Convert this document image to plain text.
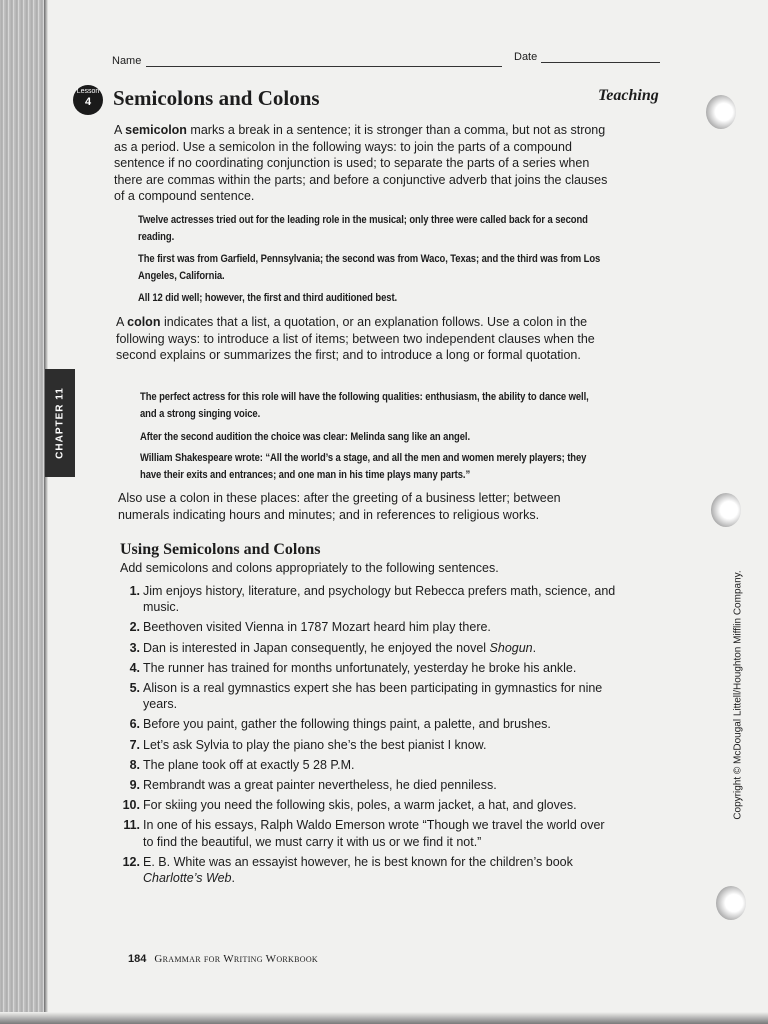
Name	Date
Lesson
4	Semicolons and Colons	Teaching
A semicolon marks a break in a sentence; it is stronger than a comma, but not as strong as a period. Use a semicolon in the following ways: to join the parts of a compound sentence if no coordinating conjunction is used; to separate the parts of a series when there are commas within the parts; and before a conjunctive adverb that joins the clauses of a compound sentence.
Twelve actresses tried out for the leading role in the musical; only three were called back for a second reading.
The first was from Garfield, Pennsylvania; the second was from Waco, Texas; and the third was from Los Angeles, California.
All 12 did well; however, the first and third auditioned best.
A colon indicates that a list, a quotation, or an explanation follows. Use a colon in the following ways: to introduce a list of items; between two independent clauses when the second explains or summarizes the first; and to introduce a long or formal quotation.
The perfect actress for this role will have the following qualities: enthusiasm, the ability to dance well, and a strong singing voice.
After the second audition the choice was clear: Melinda sang like an angel.
William Shakespeare wrote: “All the world’s a stage, and all the men and women merely players; they have their exits and entrances; and one man in his time plays many parts.”
Also use a colon in these places: after the greeting of a business letter; between numerals indicating hours and minutes; and in references to religious works.
Using Semicolons and Colons
Add semicolons and colons appropriately to the following sentences.
1. Jim enjoys history, literature, and psychology but Rebecca prefers math, science, and music.
2. Beethoven visited Vienna in 1787 Mozart heard him play there.
3. Dan is interested in Japan consequently, he enjoyed the novel Shogun.
4. The runner has trained for months unfortunately, yesterday he broke his ankle.
5. Alison is a real gymnastics expert she has been participating in gymnastics for nine years.
6. Before you paint, gather the following things paint, a palette, and brushes.
7. Let’s ask Sylvia to play the piano she’s the best pianist I know.
8. The plane took off at exactly 5 28 P.M.
9. Rembrandt was a great painter nevertheless, he died penniless.
10. For skiing you need the following skis, poles, a warm jacket, a hat, and gloves.
11. In one of his essays, Ralph Waldo Emerson wrote “Though we travel the world over to find the beautiful, we must carry it with us or we find it not.”
12. E. B. White was an essayist however, he is best known for the children’s book Charlotte’s Web.
CHAPTER 11
Copyright © McDougal Littell/Houghton Mifflin Company.
184 Grammar for Writing Workbook
